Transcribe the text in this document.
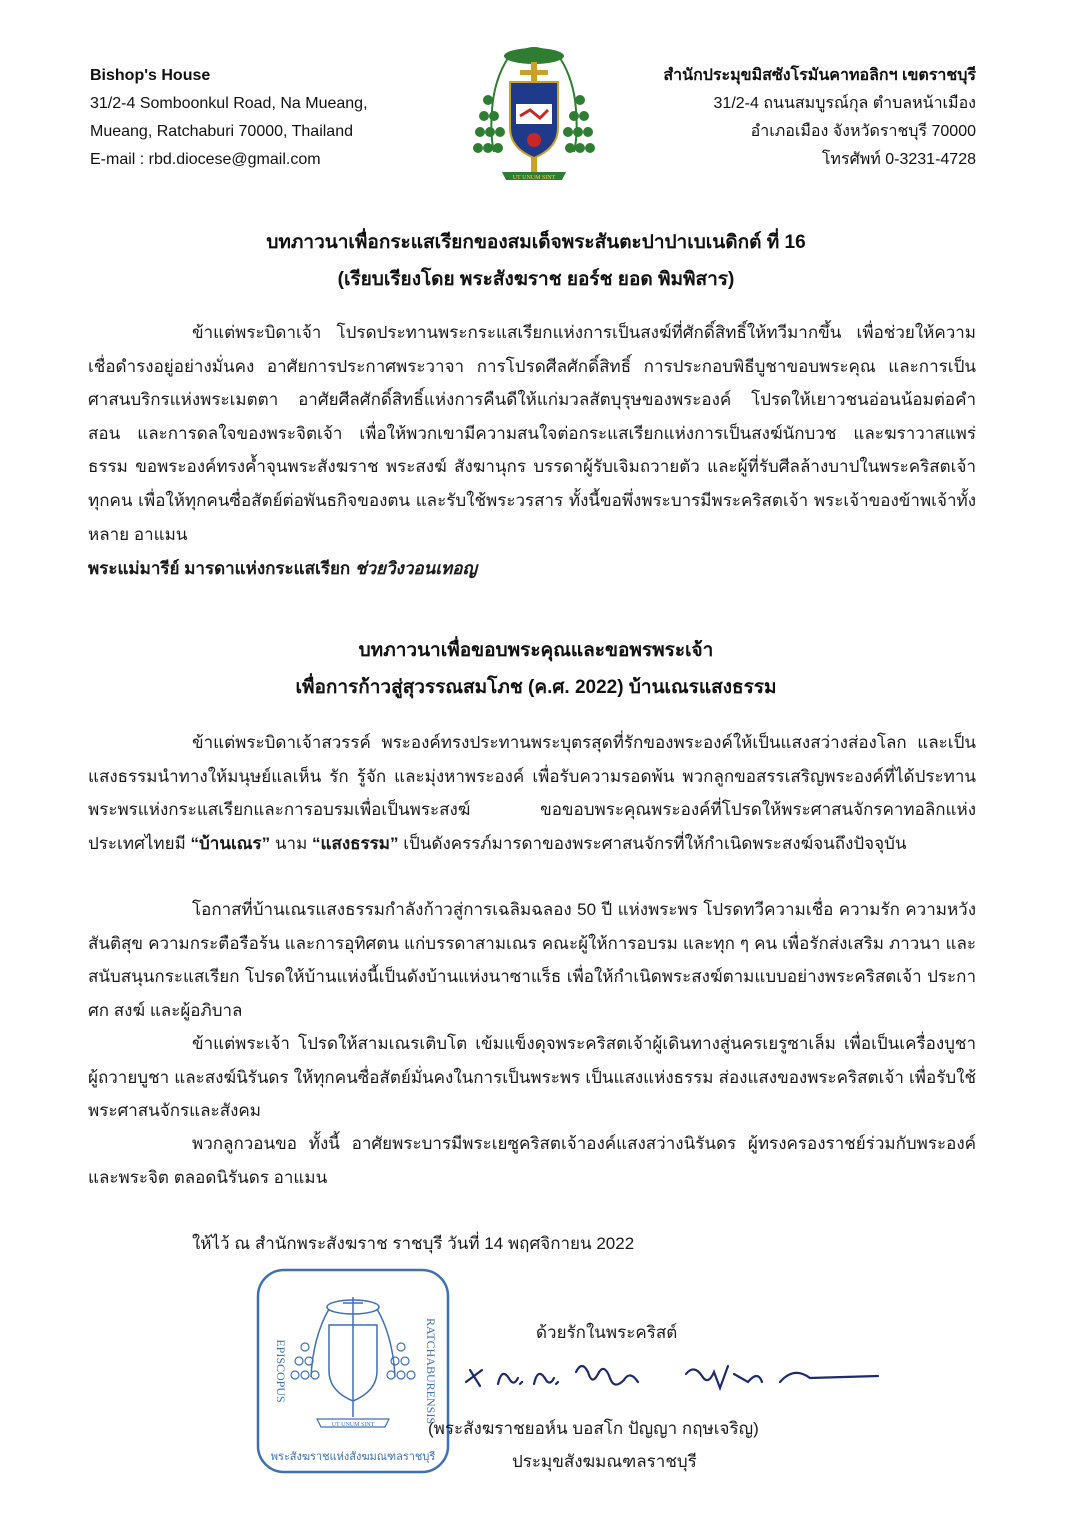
Bishop's House
31/2-4 Somboonkul Road, Na Mueang,
Mueang, Ratchaburi 70000, Thailand
E-mail : rbd.diocese@gmail.com
UT UNUM SINT
สำนักประมุขมิสซังโรมันคาทอลิกฯ เขตราชบุรี
31/2-4 ถนนสมบูรณ์กุล ตำบลหน้าเมือง
อำเภอเมือง จังหวัดราชบุรี 70000
โทรศัพท์ 0-3231-4728
บทภาวนาเพื่อกระแสเรียกของสมเด็จพระสันตะปาปาเบเนดิกต์ ที่ 16
(เรียบเรียงโดย พระสังฆราช ยอร์ช ยอด พิมพิสาร)
ข้าแต่พระบิดาเจ้า โปรดประทานพระกระแสเรียกแห่งการเป็นสงฆ์ที่ศักดิ์สิทธิ์ให้ทวีมากขึ้น เพื่อช่วยให้ความเชื่อดำรงอยู่อย่างมั่นคง อาศัยการประกาศพระวาจา การโปรดศีลศักดิ์สิทธิ์ การประกอบพิธีบูชาขอบพระคุณ และการเป็นศาสนบริกรแห่งพระเมตตา อาศัยศีลศักดิ์สิทธิ์แห่งการคืนดีให้แก่มวลสัตบุรุษของพระองค์ โปรดให้เยาวชนอ่อนน้อมต่อคำสอน และการดลใจของพระจิตเจ้า เพื่อให้พวกเขามีความสนใจต่อกระแสเรียกแห่งการเป็นสงฆ์นักบวช และฆราวาสแพร่ธรรม ขอพระองค์ทรงค้ำจุนพระสังฆราช พระสงฆ์ สังฆานุกร บรรดาผู้รับเจิมถวายตัว และผู้ที่รับศีลล้างบาปในพระคริสตเจ้าทุกคน เพื่อให้ทุกคนซื่อสัตย์ต่อพันธกิจของตน และรับใช้พระวรสาร ทั้งนี้ขอพึ่งพระบารมีพระคริสตเจ้า พระเจ้าของข้าพเจ้าทั้งหลาย อาแมน
พระแม่มารีย์ มารดาแห่งกระแสเรียก ช่วยวิงวอนเทอญ
บทภาวนาเพื่อขอบพระคุณและขอพรพระเจ้า
เพื่อการก้าวสู่สุวรรณสมโภช (ค.ศ. 2022) บ้านเณรแสงธรรม
ข้าแต่พระบิดาเจ้าสวรรค์ พระองค์ทรงประทานพระบุตรสุดที่รักของพระองค์ให้เป็นแสงสว่างส่องโลก และเป็นแสงธรรมนำทางให้มนุษย์แลเห็น รัก รู้จัก และมุ่งหาพระองค์ เพื่อรับความรอดพ้น พวกลูกขอสรรเสริญพระองค์ที่ได้ประทานพระพรแห่งกระแสเรียกและการอบรมเพื่อเป็นพระสงฆ์ ขอขอบพระคุณพระองค์ที่โปรดให้พระศาสนจักรคาทอลิกแห่งประเทศไทยมี “บ้านเณร” นาม “แสงธรรม” เป็นดังครรภ์มารดาของพระศาสนจักรที่ให้กำเนิดพระสงฆ์จนถึงปัจจุบัน
โอกาสที่บ้านเณรแสงธรรมกำลังก้าวสู่การเฉลิมฉลอง 50 ปี แห่งพระพร โปรดทวีความเชื่อ ความรัก ความหวัง สันติสุข ความกระตือรือร้น และการอุทิศตน แก่บรรดาสามเณร คณะผู้ให้การอบรม และทุก ๆ คน เพื่อรักส่งเสริม ภาวนา และสนับสนุนกระแสเรียก โปรดให้บ้านแห่งนี้เป็นดังบ้านแห่งนาซาแร็ธ เพื่อให้กำเนิดพระสงฆ์ตามแบบอย่างพระคริสตเจ้า ประกาศก สงฆ์ และผู้อภิบาล
ข้าแต่พระเจ้า โปรดให้สามเณรเติบโต เข้มแข็งดุจพระคริสตเจ้าผู้เดินทางสู่นครเยรูซาเล็ม เพื่อเป็นเครื่องบูชา ผู้ถวายบูชา และสงฆ์นิรันดร ให้ทุกคนซื่อสัตย์มั่นคงในการเป็นพระพร เป็นแสงแห่งธรรม ส่องแสงของพระคริสตเจ้า เพื่อรับใช้พระศาสนจักรและสังคม
พวกลูกวอนขอ ทั้งนี้ อาศัยพระบารมีพระเยซูคริสตเจ้าองค์แสงสว่างนิรันดร ผู้ทรงครองราชย์ร่วมกับพระองค์ และพระจิต ตลอดนิรันดร อาแมน
ให้ไว้ ณ สำนักพระสังฆราช ราชบุรี วันที่ 14 พฤศจิกายน 2022
EPISCOPUS	RATCHABURENSIS
พระสังฆราชแห่งสังฆมณฑลราชบุรี
UT UNUM SINT
ด้วยรักในพระคริสต์
(พระสังฆราชยอห์น บอสโก ปัญญา กฤษเจริญ)
ประมุขสังฆมณฑลราชบุรี
